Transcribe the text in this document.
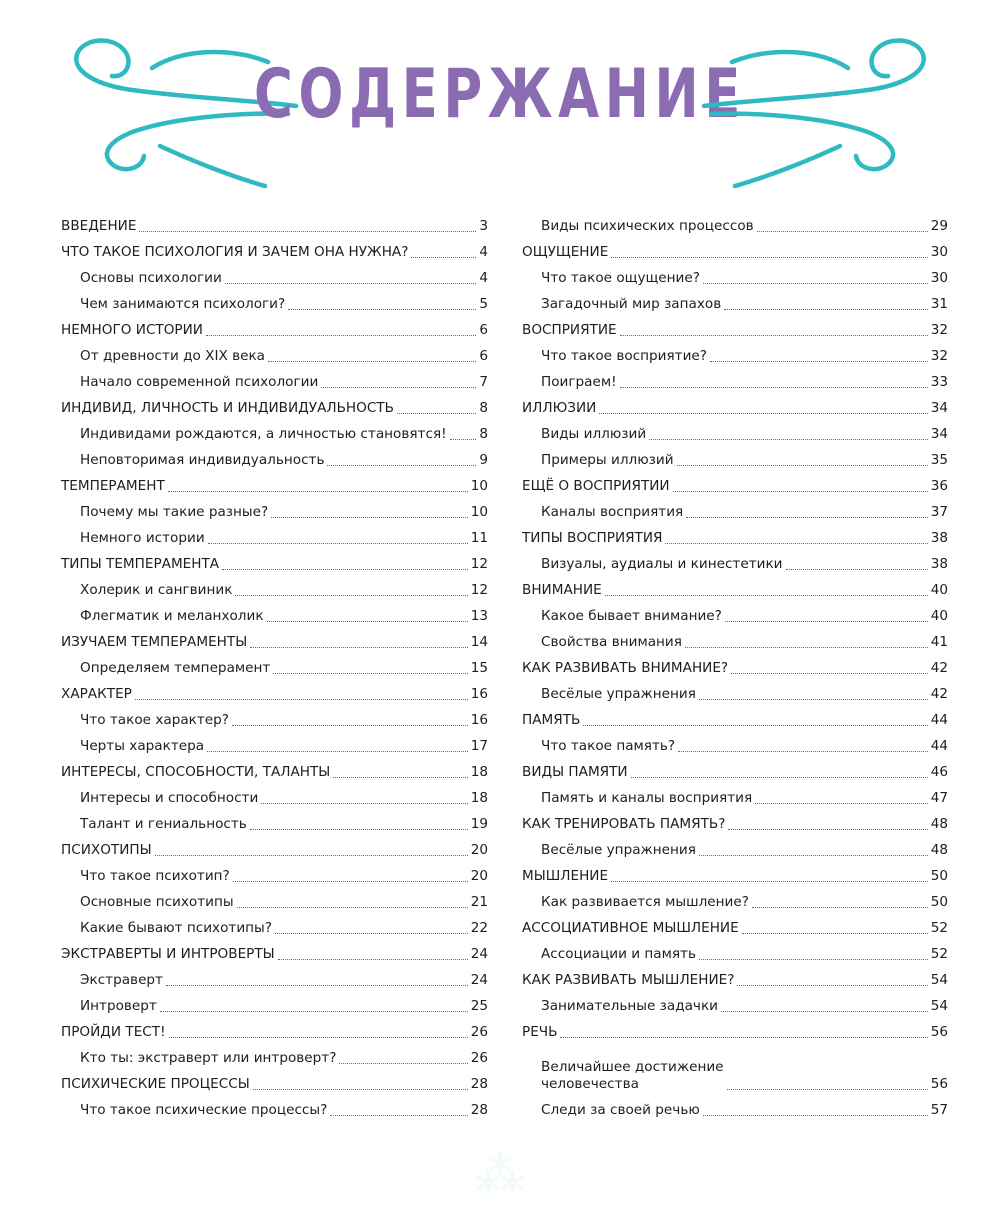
СОДЕРЖАНИЕ
ВВЕДЕНИЕ	3
ЧТО ТАКОЕ ПСИХОЛОГИЯ И ЗАЧЕМ ОНА НУЖНА?	4
Основы психологии	4
Чем занимаются психологи?	5
НЕМНОГО ИСТОРИИ	6
От древности до XIX века	6
Начало современной психологии	7
ИНДИВИД, ЛИЧНОСТЬ И ИНДИВИДУАЛЬНОСТЬ	8
Индивидами рождаются, а личностью становятся! 8
Неповторимая индивидуальность	9
ТЕМПЕРАМЕНТ	10
Почему мы такие разные?	10
Немного истории	11
ТИПЫ ТЕМПЕРАМЕНТА	12
Холерик и сангвиник	12
Флегматик и меланхолик	13
ИЗУЧАЕМ ТЕМПЕРАМЕНТЫ	14
Определяем темперамент	15
ХАРАКТЕР	16
Что такое характер?	16
Черты характера	17
ИНТЕРЕСЫ, СПОСОБНОСТИ, ТАЛАНТЫ	18
Интересы и способности	18
Талант и гениальность	19
ПСИХОТИПЫ	20
Что такое психотип?	20
Основные психотипы	21
Какие бывают психотипы?	22
ЭКСТРАВЕРТЫ И ИНТРОВЕРТЫ	24
Экстраверт	24
Интроверт	25
ПРОЙДИ ТЕСТ!	26
Кто ты: экстраверт или интроверт?	26
ПСИХИЧЕСКИЕ ПРОЦЕССЫ	28
Что такое психические процессы?	28
Виды психических процессов	29
ОЩУЩЕНИЕ	30
Что такое ощущение?	30
Загадочный мир запахов	31
ВОСПРИЯТИЕ	32
Что такое восприятие?	32
Поиграем!	33
ИЛЛЮЗИИ	34
Виды иллюзий	34
Примеры иллюзий	35
ЕЩЁ О ВОСПРИЯТИИ	36
Каналы восприятия	37
ТИПЫ ВОСПРИЯТИЯ	38
Визуалы, аудиалы и кинестетики	38
ВНИМАНИЕ	40
Какое бывает внимание?	40
Свойства внимания	41
КАК РАЗВИВАТЬ ВНИМАНИЕ?	42
Весёлые упражнения	42
ПАМЯТЬ	44
Что такое память?	44
ВИДЫ ПАМЯТИ	46
Память и каналы восприятия	47
КАК ТРЕНИРОВАТЬ ПАМЯТЬ?	48
Весёлые упражнения	48
МЫШЛЕНИЕ	50
Как развивается мышление?	50
АССОЦИАТИВНОЕ МЫШЛЕНИЕ	52
Ассоциации и память	52
КАК РАЗВИВАТЬ МЫШЛЕНИЕ?	54
Занимательные задачки	54
РЕЧЬ	56
Величайшее достижение
человечества	56
Следи за своей речью	57
⁂
